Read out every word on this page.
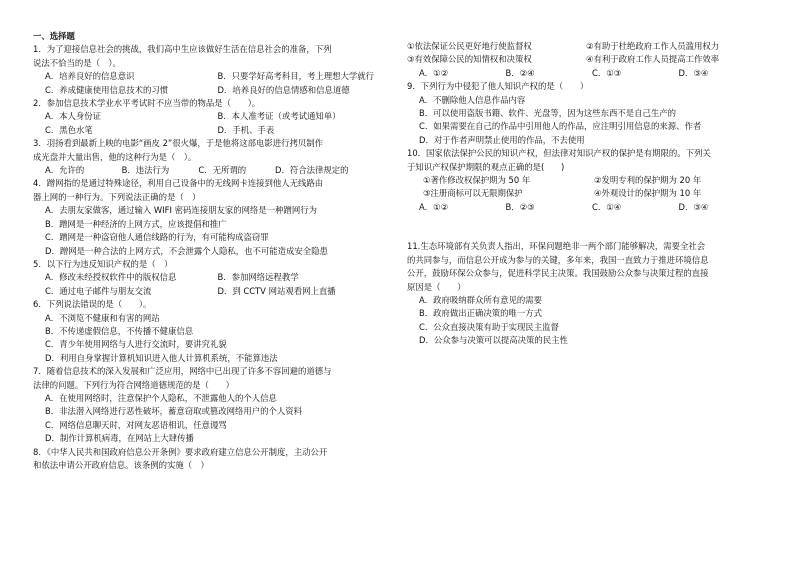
一、选择题
1．为了迎接信息社会的挑战，我们高中生应该做好生活在信息社会的准备，下列
说法不恰当的是（　）。
A．培养良好的信息意识	B．只要学好高考科目，考上理想大学就行
C．养成健康使用信息技术的习惯	D．培养良好的信息情感和信息道德
2．参加信息技术学业水平考试时不应当带的物品是（　　）。
A．本人身份证	B．本人准考证（或考试通知单）
C．黑色水笔	D．手机、手表
3．羽扬看到最新上映的电影“画皮 2”很火爆，于是他将这部电影进行拷贝制作
成光盘并大量出售，他的这种行为是（　）。
A．允许的	B．违法行为	C．无所谓的	D．符合法律规定的
4．蹭网指的是通过特殊途径，利用自己设备中的无线网卡连接到他人无线路由
器上网的一种行为。下列说法正确的是（　）
A．去朋友家做客，通过输入 WIFI 密码连接朋友家的网络是一种蹭网行为
B．蹭网是一种经济的上网方式，应该提倡和推广
C．蹭网是一种盗窃他人通信线路的行为，有可能构成盗窃罪
D．蹭网是一种合法的上网方式，不会泄露个人隐私，也不可能造成安全隐患
5．以下行为违反知识产权的是（　）
A．修改未经授权软件中的版权信息	B．参加网络远程教学
C．通过电子邮件与朋友交流	D．到 CCTV 网站观看网上直播
6．下列说法错误的是（　　）。
A．不浏览不健康和有害的网站
B．不传递虚假信息，不传播不健康信息
C．青少年使用网络与人进行交流时，要讲究礼貌
D．利用自身掌握计算机知识进入他人计算机系统，不能算违法
7．随着信息技术的深入发展和广泛应用，网络中已出现了许多不容回避的道德与
法律的问题。下列行为符合网络道德规范的是（　　）
A．在使用网络时，注意保护个人隐私，不泄露他人的个人信息
B．非法潜入网络进行恶性破坏，蓄意窃取或篡改网络用户的个人资料
C．网络信息聊天时，对网友恶语相讥，任意谩骂
D．制作计算机病毒，在网站上大肆传播
8．《中华人民共和国政府信息公开条例》要求政府建立信息公开制度，主动公开
和依法申请公开政府信息。该条例的实施（　）
①依法保证公民更好地行使监督权	②有助于杜绝政府工作人员滥用权力
③有效保障公民的知情权和决策权	④有利于政府工作人员提高工作效率
A．①②	B．②④	C．①③	D．③④
9．下列行为中侵犯了他人知识产权的是（　　）
A．不删除他人信息作品内容
B．可以使用盗版书籍、软件、光盘等，因为这些东西不是自己生产的
C．如果需要在自己的作品中引用他人的作品，应注明引用信息的来源、作者
D．对于作者声明禁止使用的作品，不去使用
10．国家依法保护公民的知识产权，但法律对知识产权的保护是有期限的。下列关
于知识产权保护期限的观点正确的是(　　)
①著作修改权保护期为 50 年	②发明专利的保护期为 20 年
③注册商标可以无限期保护	④外观设计的保护期为 10 年
A．①②	B．②③	C．①④	D．③④
11.生态环境部有关负责人指出，环保问题绝非一两个部门能够解决，需要全社会
的共同参与，而信息公开成为参与的关键，多年来，我国一直致力于推进环境信息
公开，鼓励环保公众参与，促进科学民主决策。我国鼓励公众参与决策过程的直接
原因是（　　）
A．政府吸纳群众所有意见的需要
B．政府做出正确决策的唯一方式
C．公众直接决策有助于实现民主监督
D．公众参与决策可以提高决策的民主性
